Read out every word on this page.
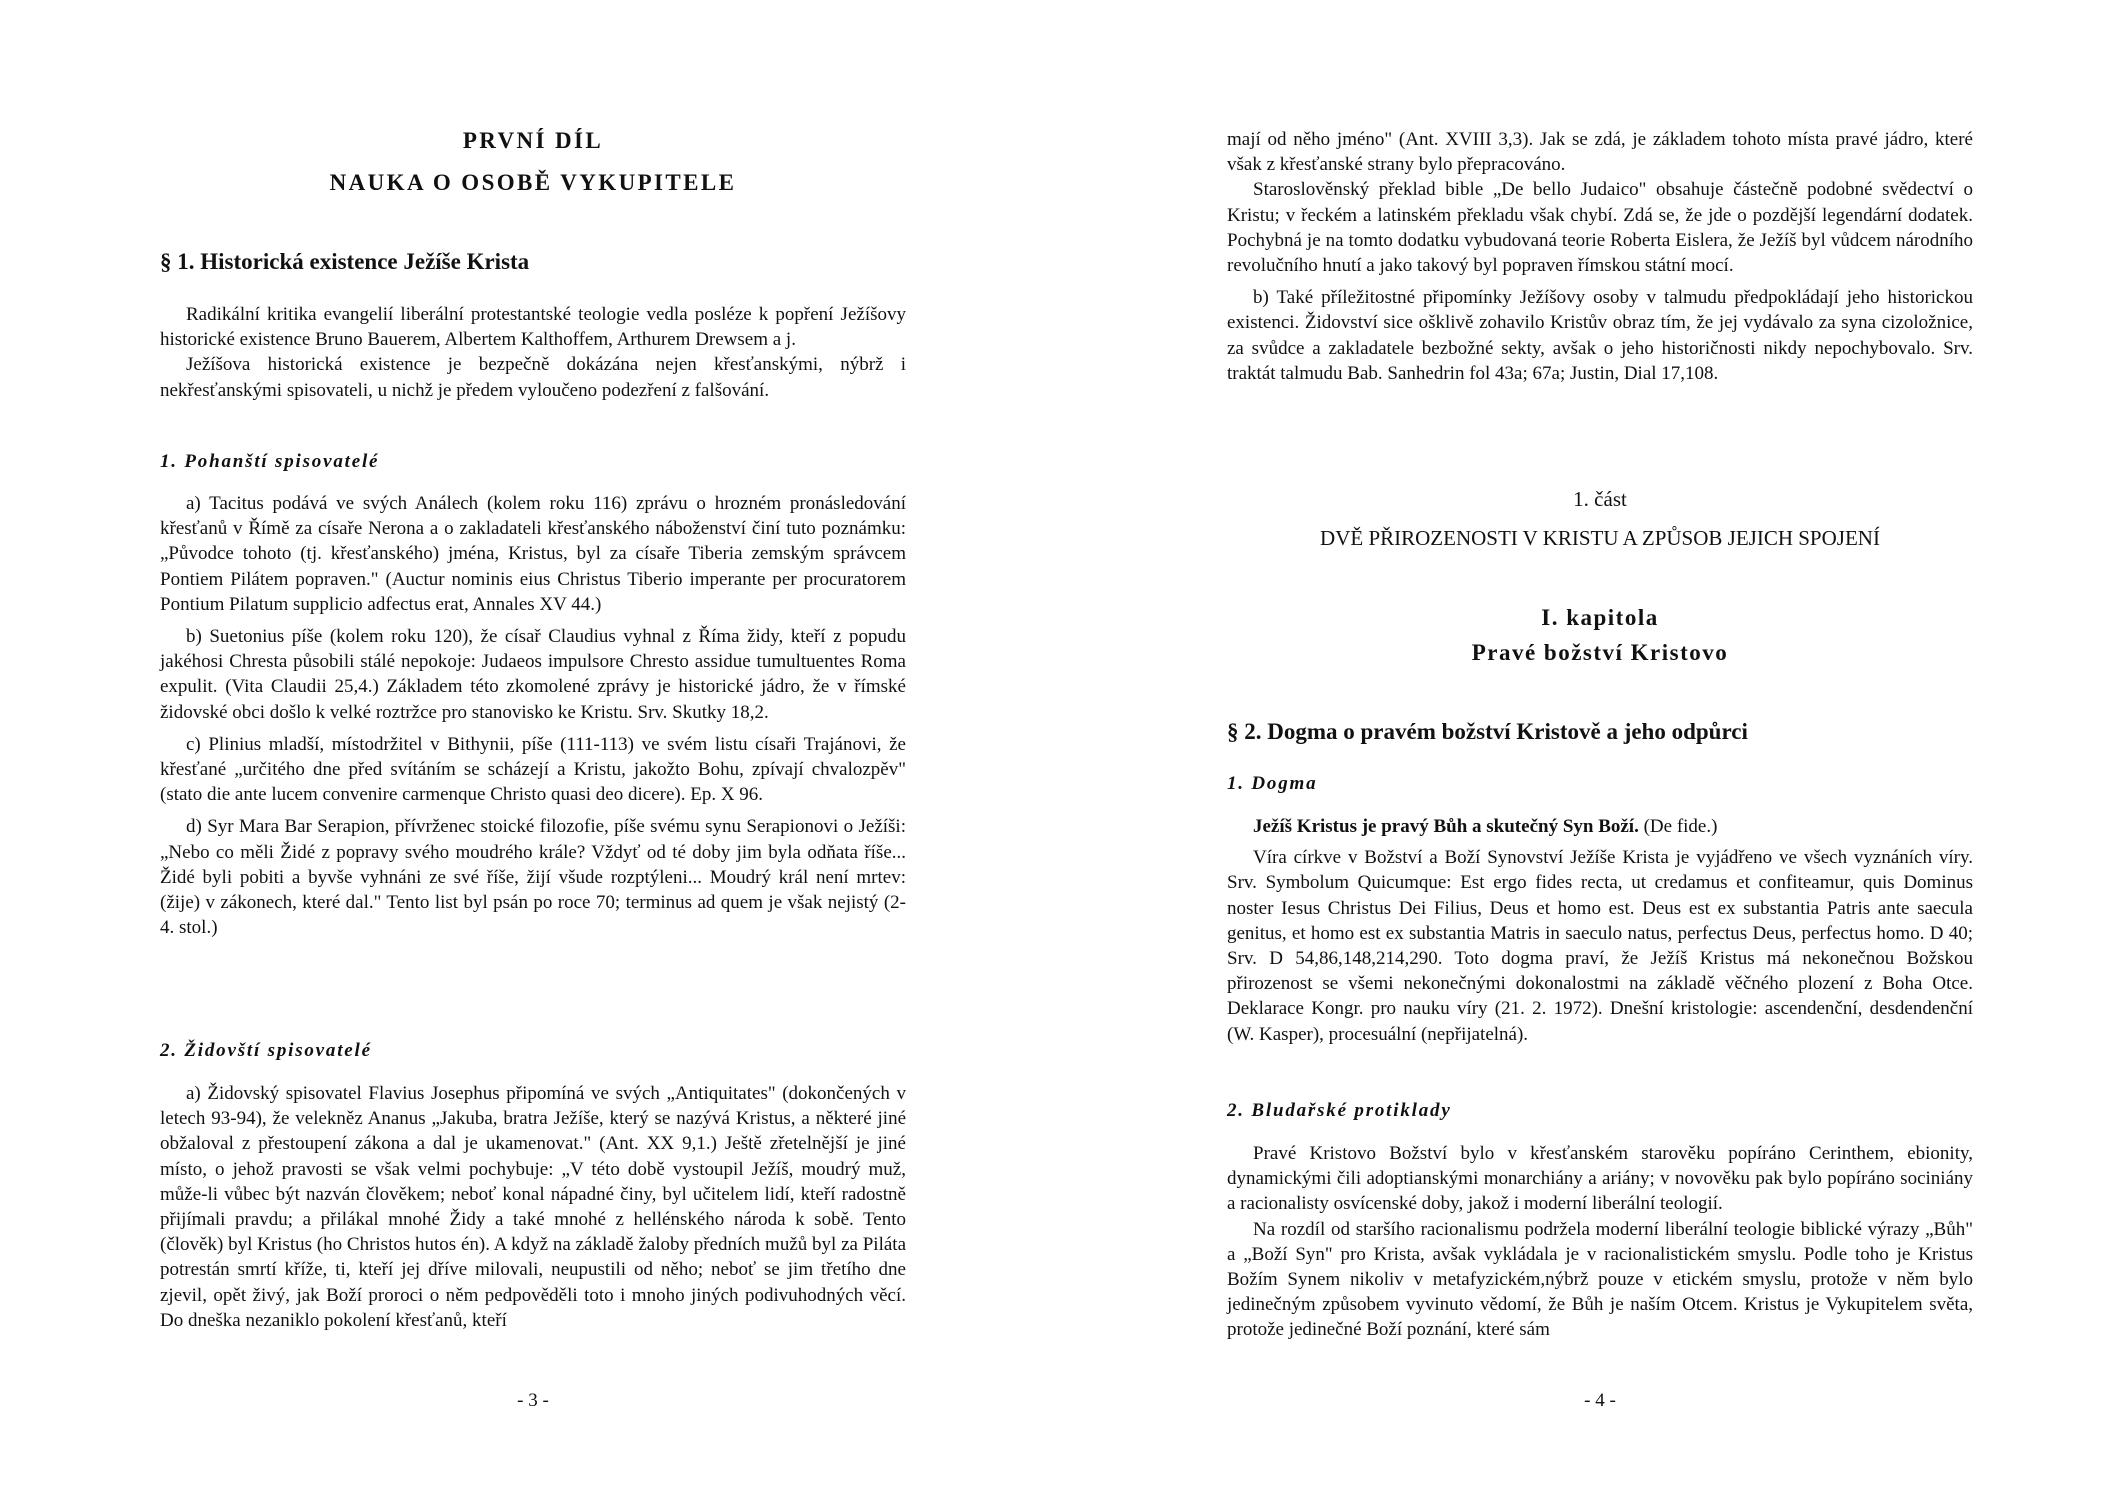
PRVNÍ DÍL
NAUKA O OSOBĚ VYKUPITELE
§ 1. Historická existence Ježíše Krista

Radikální kritika evangelií liberální protestantské teologie vedla posléze k popření Ježíšovy historické existence Bruno Bauerem, Albertem Kalthoffem, Arthurem Drewsem a j.

Ježíšova historická existence je bezpečně dokázána nejen křesťanskými, nýbrž i nekřesťanskými spisovateli, u nichž je předem vyloučeno podezření z falšování.

1. Pohanští spisovatelé

a) Tacitus podává ve svých Análech (kolem roku 116) zprávu o hrozném pronásledování křesťanů v Římě za císaře Nerona a o zakladateli křesťanského náboženství činí tuto poznámku: „Původce tohoto (tj. křesťanského) jména, Kristus, byl za císaře Tiberia zemským správcem Pontiem Pilátem popraven." (Auctur nominis eius Christus Tiberio imperante per procuratorem Pontium Pilatum supplicio adfectus erat, Annales XV 44.)

b) Suetonius píše (kolem roku 120), že císař Claudius vyhnal z Říma židy, kteří z popudu jakéhosi Chresta působili stálé nepokoje: Judaeos impulsore Chresto assidue tumultuentes Roma expulit. (Vita Claudii 25,4.) Základem této zkomolené zprávy je historické jádro, že v římské židovské obci došlo k velké roztržce pro stanovisko ke Kristu. Srv. Skutky 18,2.

c) Plinius mladší, místodržitel v Bithynii, píše (111-113) ve svém listu císaři Trajánovi, že křesťané „určitého dne před svítáním se scházejí a Kristu, jakožto Bohu, zpívají chvalozpěv" (stato die ante lucem convenire carmenque Christo quasi deo dicere). Ep. X 96.

d) Syr Mara Bar Serapion, přívrženec stoické filozofie, píše svému synu Serapionovi o Ježíši: „Nebo co měli Židé z popravy svého moudrého krále? Vždyť od té doby jim byla odňata říše... Židé byli pobiti a byvše vyhnáni ze své říše, žijí všude rozptýleni... Moudrý král není mrtev: (žije) v zákonech, které dal." Tento list byl psán po roce 70; terminus ad quem je však nejistý (2-4. stol.)

2. Židovští spisovatelé

a) Židovský spisovatel Flavius Josephus připomíná ve svých „Antiquitates" (dokončených v letech 93-94), že velekněz Ananus „Jakuba, bratra Ježíše, který se nazývá Kristus, a některé jiné obžaloval z přestoupení zákona a dal je ukamenovat." (Ant. XX 9,1.) Ještě zřetelnější je jiné místo, o jehož pravosti se však velmi pochybuje: „V této době vystoupil Ježíš, moudrý muž, může-li vůbec být nazván člověkem; neboť konal nápadné činy, byl učitelem lidí, kteří radostně přijímali pravdu; a přilákal mnohé Židy a také mnohé z hellénského národa k sobě. Tento (člověk) byl Kristus (ho Christos hutos én). A když na základě žaloby předních mužů byl za Piláta potrestán smrtí kříže, ti, kteří jej dříve milovali, neupustili od něho; neboť se jim třetího dne zjevil, opět živý, jak Boží proroci o něm pedpověděli toto i mnoho jiných podivuhodných věcí. Do dneška nezaniklo pokolení křesťanů, kteří

- 3 -

mají od něho jméno" (Ant. XVIII 3,3). Jak se zdá, je základem tohoto místa pravé jádro, které však z křesťanské strany bylo přepracováno.

Staroslověnský překlad bible „De bello Judaico" obsahuje částečně podobné svědectví o Kristu; v řeckém a latinském překladu však chybí. Zdá se, že jde o pozdější legendární dodatek. Pochybná je na tomto dodatku vybudovaná teorie Roberta Eislera, že Ježíš byl vůdcem národního revolučního hnutí a jako takový byl popraven římskou státní mocí.

b) Také příležitostné připomínky Ježíšovy osoby v talmudu předpokládají jeho historickou existenci. Židovství sice ošklivě zohavilo Kristův obraz tím, že jej vydávalo za syna cizoložnice, za svůdce a zakladatele bezbožné sekty, avšak o jeho historičnosti nikdy nepochybovalo. Srv. traktát talmudu Bab. Sanhedrin fol 43a; 67a; Justin, Dial 17,108.

1. část
DVĚ PŘIROZENOSTI V KRISTU A ZPŮSOB JEJICH SPOJENÍ
I. kapitola
Pravé božství Kristovo
§ 2. Dogma o pravém božství Kristově a jeho odpůrci
1. Dogma

Ježíš Kristus je pravý Bůh a skutečný Syn Boží. (De fide.)

Víra církve v Božství a Boží Synovství Ježíše Krista je vyjádřeno ve všech vyznáních víry. Srv. Symbolum Quicumque: Est ergo fides recta, ut credamus et confiteamur, quis Dominus noster Iesus Christus Dei Filius, Deus et homo est. Deus est ex substantia Patris ante saecula genitus, et homo est ex substantia Matris in saeculo natus, perfectus Deus, perfectus homo. D 40; Srv. D 54,86,148,214,290. Toto dogma praví, že Ježíš Kristus má nekonečnou Božskou přirozenost se všemi nekonečnými dokonalostmi na základě věčného plození z Boha Otce. Deklarace Kongr. pro nauku víry (21. 2. 1972). Dnešní kristologie: ascendenční, desdendenční (W. Kasper), procesuální (nepřijatelná).

2. Bludařské protiklady

Pravé Kristovo Božství bylo v křesťanském starověku popíráno Cerinthem, ebionity, dynamickými čili adoptianskými monarchiány a ariány; v novověku pak bylo popíráno sociniány a racionalisty osvícenské doby, jakož i moderní liberální teologií.

Na rozdíl od staršího racionalismu podržela moderní liberální teologie biblické výrazy „Bůh" a „Boží Syn" pro Krista, avšak vykládala je v racionalistickém smyslu. Podle toho je Kristus Božím Synem nikoliv v metafyzickém,nýbrž pouze v etickém smyslu, protože v něm bylo jedinečným způsobem vyvinuto vědomí, že Bůh je naším Otcem. Kristus je Vykupitelem světa, protože jedinečné Boží poznání, které sám

- 4 -
